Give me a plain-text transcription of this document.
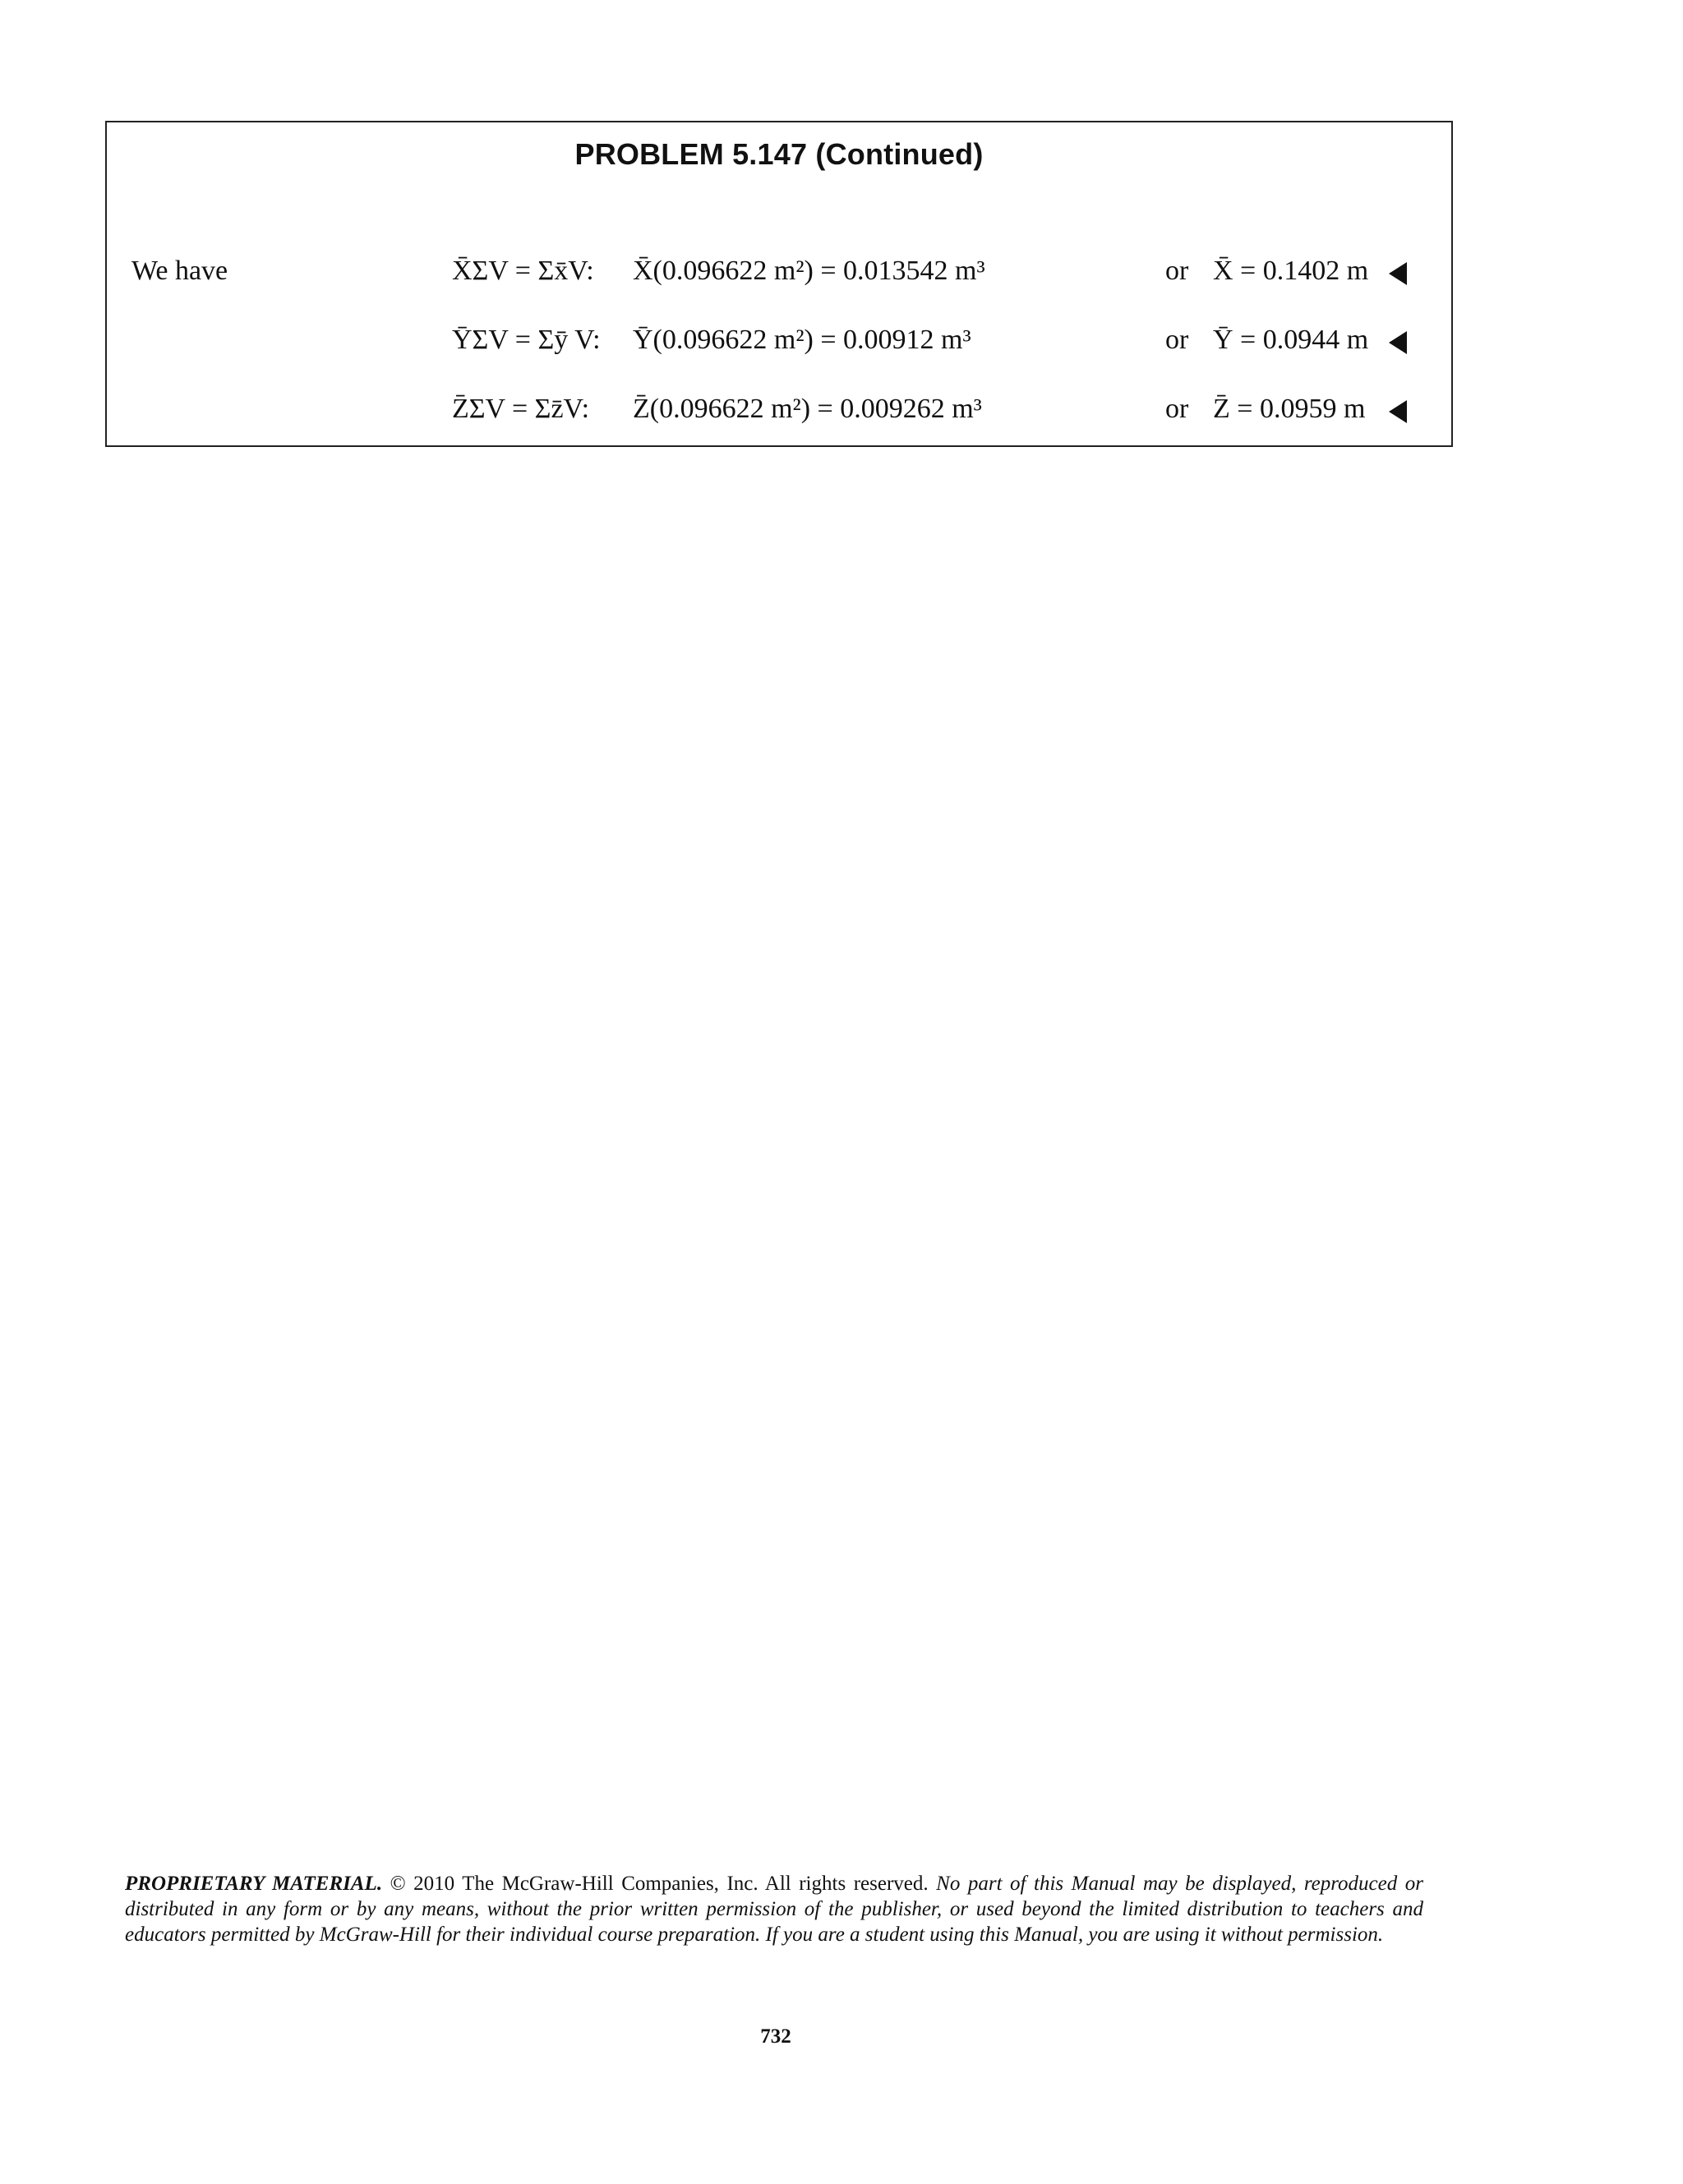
PROBLEM 5.147 (Continued)
We have	X̄ΣV = Σx̄V: X̄(0.096622 m²) = 0.013542 m³	or X̄ = 0.1402 m
ȲΣV = Σȳ V: Ȳ(0.096622 m²) = 0.00912 m³	or Ȳ = 0.0944 m
Z̄ΣV = Σz̄V: Z̄(0.096622 m²) = 0.009262 m³	or Z̄ = 0.0959 m
PROPRIETARY MATERIAL. © 2010 The McGraw-Hill Companies, Inc. All rights reserved. No part of this Manual may be displayed, reproduced or distributed in any form or by any means, without the prior written permission of the publisher, or used beyond the limited distribution to teachers and educators permitted by McGraw-Hill for their individual course preparation. If you are a student using this Manual, you are using it without permission.
732
